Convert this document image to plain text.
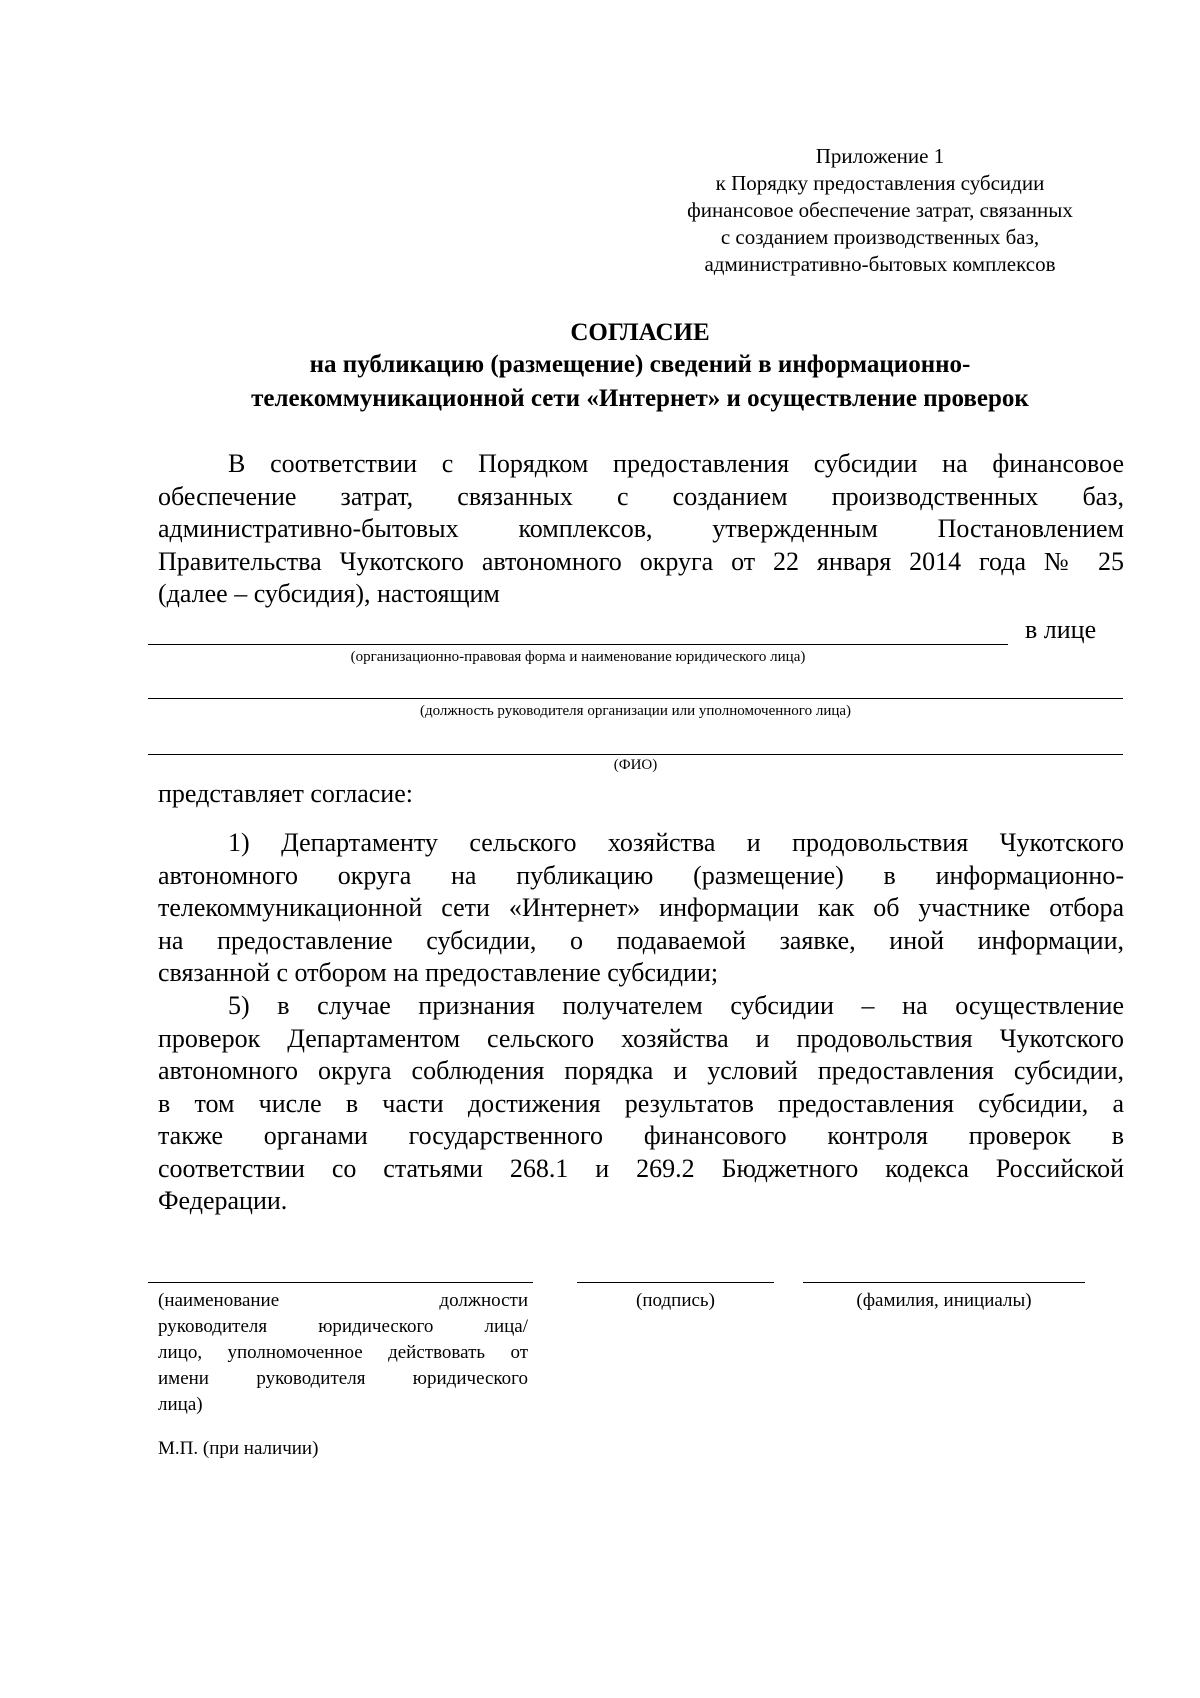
Приложение 1
к Порядку предоставления субсидии
финансовое обеспечение затрат, связанных
с созданием производственных баз,
административно-бытовых комплексов
СОГЛАСИЕ
на публикацию (размещение) сведений в информационно-
телекоммуникационной сети «Интернет» и осуществление проверок
В соответствии с Порядком предоставления субсидии на финансовое
обеспечение затрат, связанных с созданием производственных баз,
административно-бытовых комплексов, утвержденным Постановлением
Правительства Чукотского автономного округа от 22 января 2014 года № 25
(далее – субсидия), настоящим
в лице
(организационно-правовая форма и наименование юридического лица)
(должность руководителя организации или уполномоченного лица)
(ФИО)
представляет согласие:
1) Департаменту сельского хозяйства и продовольствия Чукотского
автономного округа на публикацию (размещение) в информационно-
телекоммуникационной сети «Интернет» информации как об участнике отбора
на предоставление субсидии, о подаваемой заявке, иной информации,
связанной с отбором на предоставление субсидии;
5) в случае признания получателем субсидии – на осуществление
проверок Департаментом сельского хозяйства и продовольствия Чукотского
автономного округа соблюдения порядка и условий предоставления субсидии,
в том числе в части достижения результатов предоставления субсидии, а
также органами государственного финансового контроля проверок в
соответствии со статьями 268.1 и 269.2 Бюджетного кодекса Российской
Федерации.
(наименование должности
руководителя юридического лица/
лицо, уполномоченное действовать от
имени руководителя юридического
лица)
(подпись)	(фамилия, инициалы)
М.П. (при наличии)
